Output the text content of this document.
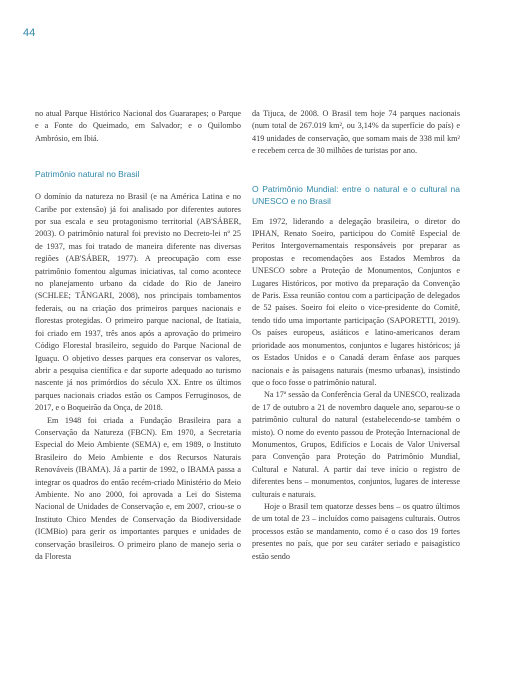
44

no atual Parque Histórico Nacional dos Guararapes; o Parque e a Fonte do Queimado, em Salvador; e o Quilombo Ambrósio, em Ibiá.

Patrimônio natural no Brasil

O domínio da natureza no Brasil (e na América Latina e no Caribe por extensão) já foi analisado por diferentes autores por sua escala e seu protagonismo territorial (AB'SÁBER, 2003). O patrimônio natural foi previsto no Decreto-lei nº 25 de 1937, mas foi tratado de maneira diferente nas diversas regiões (AB'SÁBER, 1977). A preocupação com esse patrimônio fomentou algumas iniciativas, tal como acontece no planejamento urbano da cidade do Rio de Janeiro (SCHLEE; TÂNGARI, 2008), nos principais tombamentos federais, ou na criação dos primeiros parques nacionais e florestas protegidas. O primeiro parque nacional, de Itatiaia, foi criado em 1937, três anos após a aprovação do primeiro Código Florestal brasileiro, seguido do Parque Nacional de Iguaçu. O objetivo desses parques era conservar os valores, abrir a pesquisa científica e dar suporte adequado ao turismo nascente já nos primórdios do século XX. Entre os últimos parques nacionais criados estão os Campos Ferruginosos, de 2017, e o Boqueirão da Onça, de 2018.

Em 1948 foi criada a Fundação Brasileira para a Conservação da Natureza (FBCN). Em 1970, a Secretaria Especial do Meio Ambiente (SEMA) e, em 1989, o Instituto Brasileiro do Meio Ambiente e dos Recursos Naturais Renováveis (IBAMA). Já a partir de 1992, o IBAMA passa a integrar os quadros do então recém-criado Ministério do Meio Ambiente. No ano 2000, foi aprovada a Lei do Sistema Nacional de Unidades de Conservação e, em 2007, criou-se o Instituto Chico Mendes de Conservação da Biodiversidade (ICMBio) para gerir os importantes parques e unidades de conservação brasileiros. O primeiro plano de manejo seria o da Floresta

da Tijuca, de 2008. O Brasil tem hoje 74 parques nacionais (num total de 267.019 km², ou 3,14% da superfície do país) e 419 unidades de conservação, que somam mais de 338 mil km² e recebem cerca de 30 milhões de turistas por ano.

O Patrimônio Mundial: entre o natural e o cultural na UNESCO e no Brasil

Em 1972, liderando a delegação brasileira, o diretor do IPHAN, Renato Soeiro, participou do Comitê Especial de Peritos Intergovernamentais responsáveis por preparar as propostas e recomendações aos Estados Membros da UNESCO sobre a Proteção de Monumentos, Conjuntos e Lugares Históricos, por motivo da preparação da Convenção de Paris. Essa reunião contou com a participação de delegados de 52 países. Soeiro foi eleito o vice-presidente do Comitê, tendo tido uma importante participação (SAPORETTI, 2019). Os países europeus, asiáticos e latino-americanos deram prioridade aos monumentos, conjuntos e lugares históricos; já os Estados Unidos e o Canadá deram ênfase aos parques nacionais e às paisagens naturais (mesmo urbanas), insistindo que o foco fosse o patrimônio natural.

Na 17ª sessão da Conferência Geral da UNESCO, realizada de 17 de outubro a 21 de novembro daquele ano, separou-se o patrimônio cultural do natural (estabelecendo-se também o misto). O nome do evento passou de Proteção Internacional de Monumentos, Grupos, Edifícios e Locais de Valor Universal para Convenção para Proteção do Patrimônio Mundial, Cultural e Natural. A partir daí teve início o registro de diferentes bens – monumentos, conjuntos, lugares de interesse culturais e naturais.

Hoje o Brasil tem quatorze desses bens – os quatro últimos de um total de 23 – incluídos como paisagens culturais. Outros processos estão se mandamento, como é o caso dos 19 fortes presentes no país, que por seu caráter seriado e paisagístico estão sendo
